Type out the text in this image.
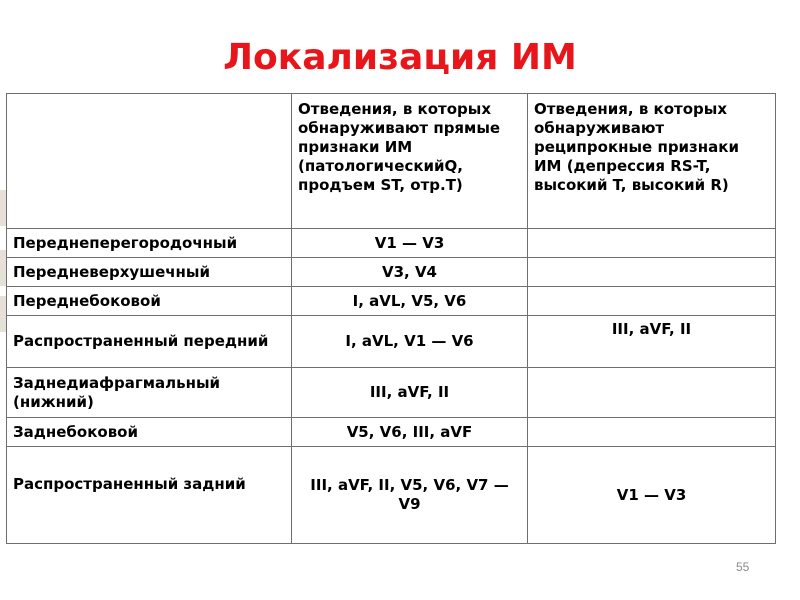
Локализация ИМ
	Отведения, в которых обнаруживают прямые признаки ИМ (патологическийQ, продъем ST, отр.T)	Отведения, в которых обнаруживают реципрокные признаки ИМ (депрессия RS-T, высокий T, высокий R)
Переднеперегородочный	V1 — V3	
Передневерхушечный	V3, V4	
Переднебоковой	I, aVL, V5, V6	
Распространенный передний	I, aVL, V1 — V6	III, aVF, II
Заднедиафрагмальный (нижний)	III, aVF, II	
Заднебоковой	V5, V6, III, aVF	
Распространенный задний	III, aVF, II, V5, V6, V7 — V9	V1 — V3
55
